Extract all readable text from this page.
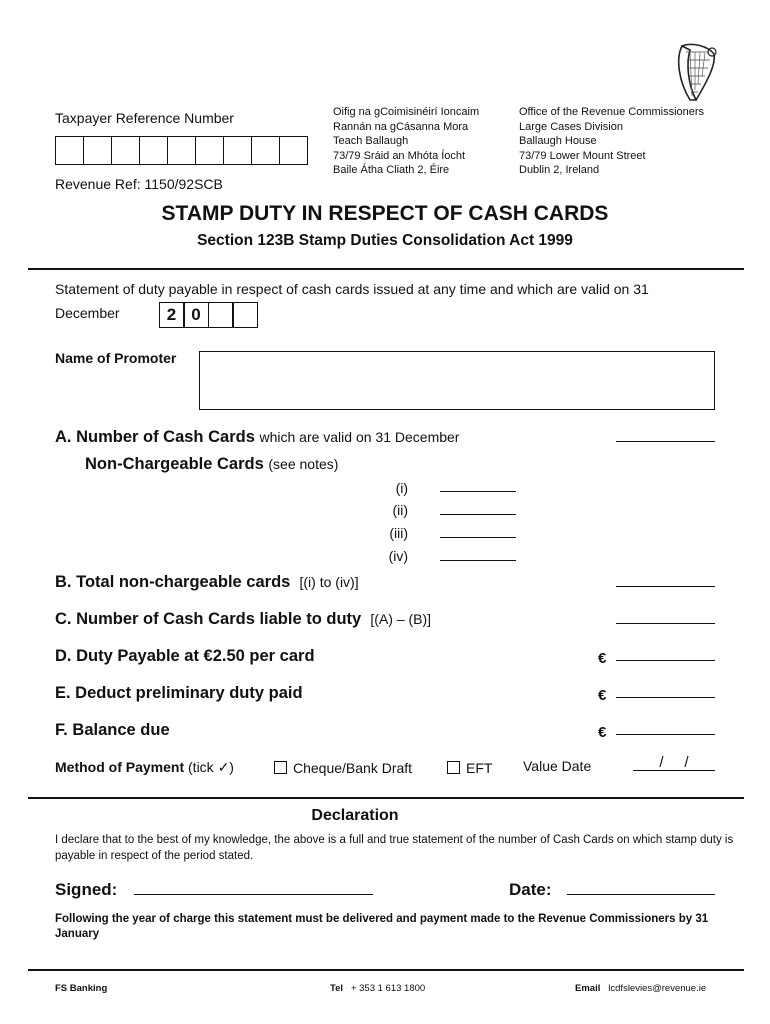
Taxpayer Reference Number
Revenue Ref: 1150/92SCB
Oifig na gCoimisinéirí Ioncaim
Rannán na gCásanna Mora
Teach Ballaugh
73/79 Sráid an Mhóta Íocht
Baile Átha Cliath 2, Éire
Office of the Revenue Commissioners
Large Cases Division
Ballaugh House
73/79 Lower Mount Street
Dublin 2, Ireland
STAMP DUTY IN RESPECT OF CASH CARDS
Section 123B Stamp Duties Consolidation Act 1999
Statement of duty payable in respect of cash cards issued at any time and which are valid on 31
December	2 0
Name of Promoter
A. Number of Cash Cards which are valid on 31 December
Non-Chargeable Cards (see notes)
(i)
(ii)
(iii)
(iv)
B. Total non-chargeable cards [(i) to (iv)]
C. Number of Cash Cards liable to duty [(A) – (B)]
D. Duty Payable at €2.50 per card	€
E. Deduct preliminary duty paid	€
F. Balance due	€
Method of Payment (tick ✓)	Cheque/Bank Draft	EFT Value Date	/     /
Declaration
I declare that to the best of my knowledge, the above is a full and true statement of the number of Cash Cards on which stamp duty is payable in respect of the period stated.
Signed:	Date:
Following the year of charge this statement must be delivered and payment made to the Revenue Commissioners by 31 January
FS Banking	Tel + 353 1 613 1800	Email lcdfslevies@revenue.ie
